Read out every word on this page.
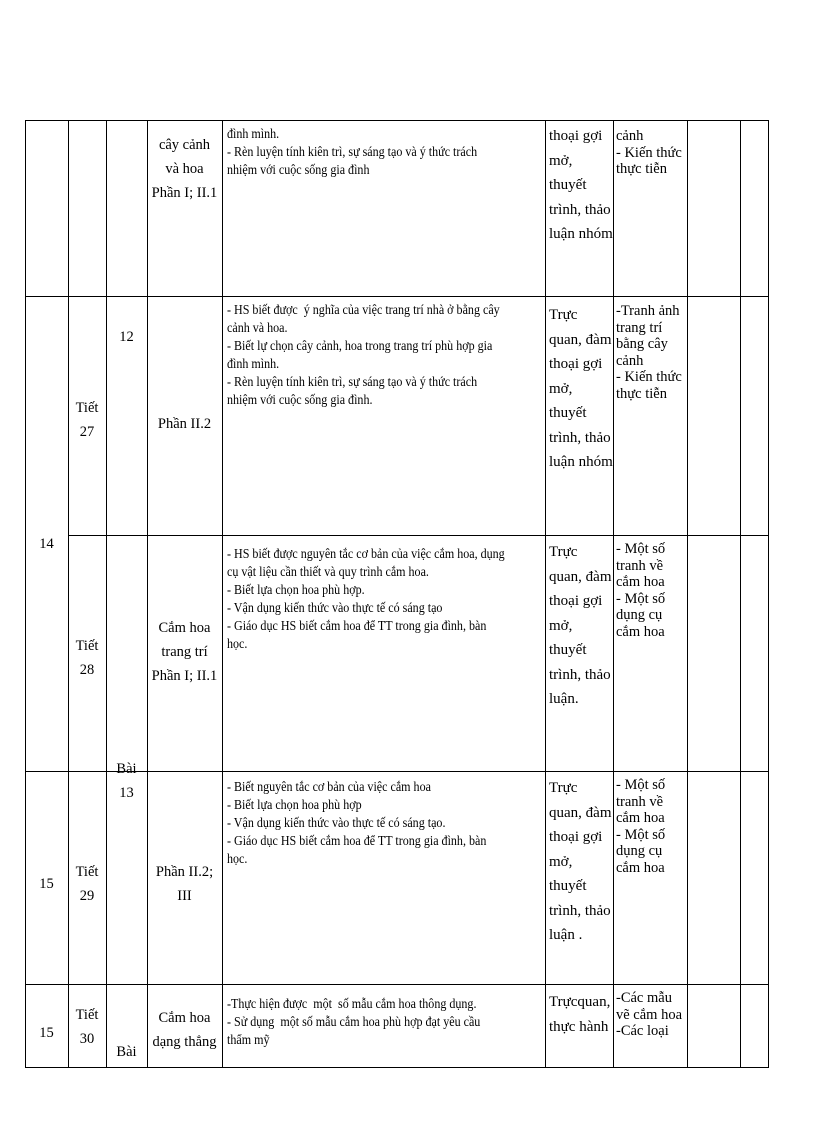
14
12
Bài
13
cây cảnh
và hoa
Phần I; II.1
đình mình.
- Rèn luyện tính kiên trì, sự sáng tạo và ý thức trách
nhiệm với cuộc sống gia đình
thoại gợi
mở,
thuyết
trình, thảo
luận nhóm
cảnh
- Kiến thức
thực tiễn
Tiết
27	Phần II.2
- HS biết được  ý nghĩa của việc trang trí nhà ở bằng cây
cảnh và hoa.
- Biết lự chọn cây cảnh, hoa trong trang trí phù hợp gia
đình mình.
- Rèn luyện tính kiên trì, sự sáng tạo và ý thức trách
nhiệm với cuộc sống gia đình.
Trực
quan, đàm
thoại gợi
mở,
thuyết
trình, thảo
luận nhóm
-Tranh ảnh
trang trí
bằng cây
cảnh
- Kiến thức
thực tiễn
Tiết
28
Cắm hoa
trang trí
Phần I; II.1
- HS biết được nguyên tắc cơ bản của việc cắm hoa, dụng
cụ vật liệu cần thiết và quy trình cắm hoa.
- Biết lựa chọn hoa phù hợp.
- Vận dụng kiến thức vào thực tế có sáng tạo
- Giáo dục HS biết cắm hoa để TT trong gia đình, bàn
học.
Trực
quan, đàm
thoại gợi
mở,
thuyết
trình, thảo
luận.
- Một số
tranh về
cắm hoa
- Một số
dụng cụ
cắm hoa
15
Tiết
29
Phần II.2;
III
- Biết nguyên tắc cơ bản của việc cắm hoa
- Biết lựa chọn hoa phù hợp
- Vận dụng kiến thức vào thực tế có sáng tạo.
- Giáo dục HS biết cắm hoa để TT trong gia đình, bàn
học.
Trực
quan, đàm
thoại gợi
mở,
thuyết
trình, thảo
luận .
- Một số
tranh về
cắm hoa
- Một số
dụng cụ
cắm hoa
15
Tiết
30
Bài
Cắm hoa
dạng thẳng
-Thực hiện được  một  số mẫu cắm hoa thông dụng.
- Sử dụng  một số mẫu cắm hoa phù hợp đạt yêu cầu
thẩm mỹ
Trựcquan,
thực hành
-Các mẫu
vẽ cắm hoa
-Các loại
